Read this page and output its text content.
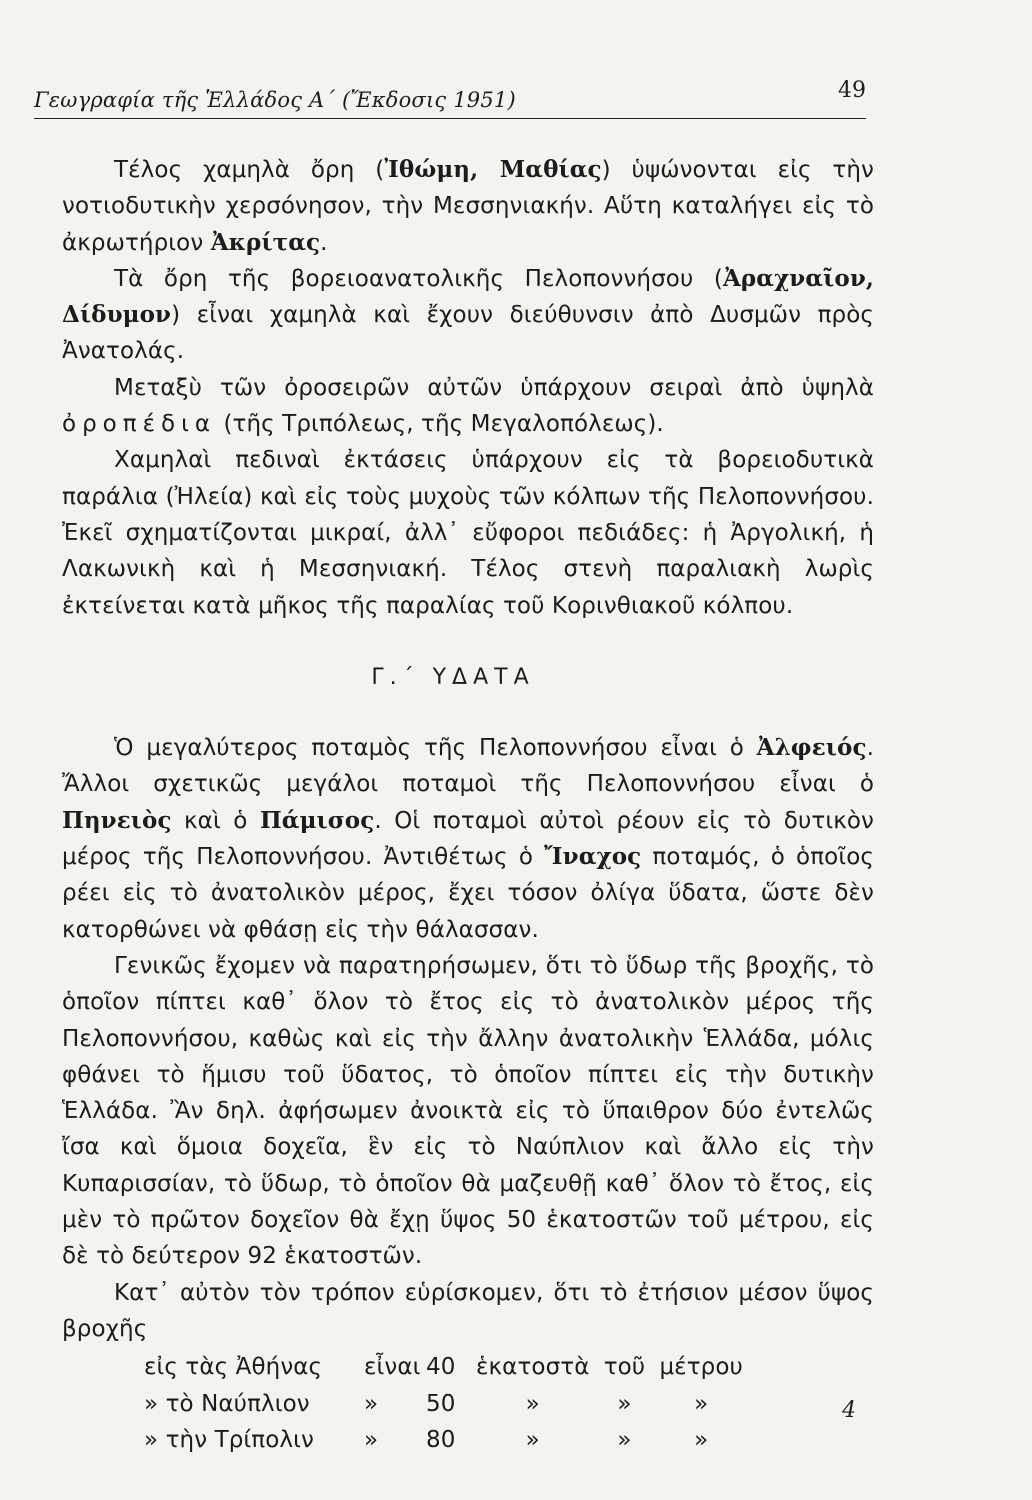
Γεωγραφία τῆς Ἑλλάδος Α΄ (Ἔκδοσις 1951)	49

Τέλος χαμηλὰ ὄρη (Ἰθώμη, Μαθίας) ὑψώνονται εἰς τὴν νοτιοδυτικὴν χερσόνησον, τὴν Μεσσηνιακήν. Αὕτη καταλήγει εἰς τὸ ἀκρωτήριον Ἀκρίτας.

Τὰ ὄρη τῆς βορειοανατολικῆς Πελοποννήσου (Ἀραχναῖον, Δίδυμον) εἶναι χαμηλὰ καὶ ἔχουν διεύθυνσιν ἀπὸ Δυσμῶν πρὸς Ἀνατολάς.

Μεταξὺ τῶν ὀροσειρῶν αὐτῶν ὑπάρχουν σειραὶ ἀπὸ ὑψηλὰ ὀροπέδια (τῆς Τριπόλεως, τῆς Μεγαλοπόλεως).

Χαμηλαὶ πεδιναὶ ἐκτάσεις ὑπάρχουν εἰς τὰ βορειοδυτικὰ παράλια (Ἠλεία) καὶ εἰς τοὺς μυχοὺς τῶν κόλπων τῆς Πελοποννήσου. Ἐκεῖ σχηματίζονται μικραί, ἀλλ᾿ εὔφοροι πεδιάδες: ἡ Ἀργολική, ἡ Λακωνικὴ καὶ ἡ Μεσσηνιακή. Τέλος στενὴ παραλιακὴ λωρὶς ἐκτείνεται κατὰ μῆκος τῆς παραλίας τοῦ Κορινθιακοῦ κόλπου.

Γ.΄ ΥΔΑΤΑ

Ὁ μεγαλύτερος ποταμὸς τῆς Πελοποννήσου εἶναι ὁ Ἀλφειός. Ἄλλοι σχετικῶς μεγάλοι ποταμοὶ τῆς Πελοποννήσου εἶναι ὁ Πηνειὸς καὶ ὁ Πάμισος. Οἱ ποταμοὶ αὐτοὶ ρέουν εἰς τὸ δυτικὸν μέρος τῆς Πελοποννήσου. Ἀντιθέτως ὁ Ἴναχος ποταμός, ὁ ὁποῖος ρέει εἰς τὸ ἀνατολικὸν μέρος, ἔχει τόσον ὀλίγα ὕδατα, ὥστε δὲν κατορθώνει νὰ φθάσῃ εἰς τὴν θάλασσαν.

Γενικῶς ἔχομεν νὰ παρατηρήσωμεν, ὅτι τὸ ὕδωρ τῆς βροχῆς, τὸ ὁποῖον πίπτει καθ᾿ ὅλον τὸ ἔτος εἰς τὸ ἀνατολικὸν μέρος τῆς Πελοποννήσου, καθὼς καὶ εἰς τὴν ἄλλην ἀνατολικὴν Ἑλλάδα, μόλις φθάνει τὸ ἥμισυ τοῦ ὕδατος, τὸ ὁποῖον πίπτει εἰς τὴν δυτικὴν Ἑλλάδα. Ἂν δηλ. ἀφήσωμεν ἀνοικτὰ εἰς τὸ ὕπαιθρον δύο ἐντελῶς ἴσα καὶ ὅμοια δοχεῖα, ἓν εἰς τὸ Ναύπλιον καὶ ἄλλο εἰς τὴν Κυπαρισσίαν, τὸ ὕδωρ, τὸ ὁποῖον θὰ μαζευθῇ καθ᾿ ὅλον τὸ ἔτος, εἰς μὲν τὸ πρῶτον δοχεῖον θὰ ἔχῃ ὕψος 50 ἑκατοστῶν τοῦ μέτρου, εἰς δὲ τὸ δεύτερον 92 ἑκατοστῶν.

Κατ᾿ αὐτὸν τὸν τρόπον εὑρίσκομεν, ὅτι τὸ ἐτήσιον μέσον ὕψος βροχῆς

εἰς τὰς Ἀθήνας	εἶναι	40	ἑκατοστὰ	τοῦ	μέτρου
» τὸ Ναύπλιον	»	50	»	»	»
» τὴν Τρίπολιν	»	80	»	»	»
4
